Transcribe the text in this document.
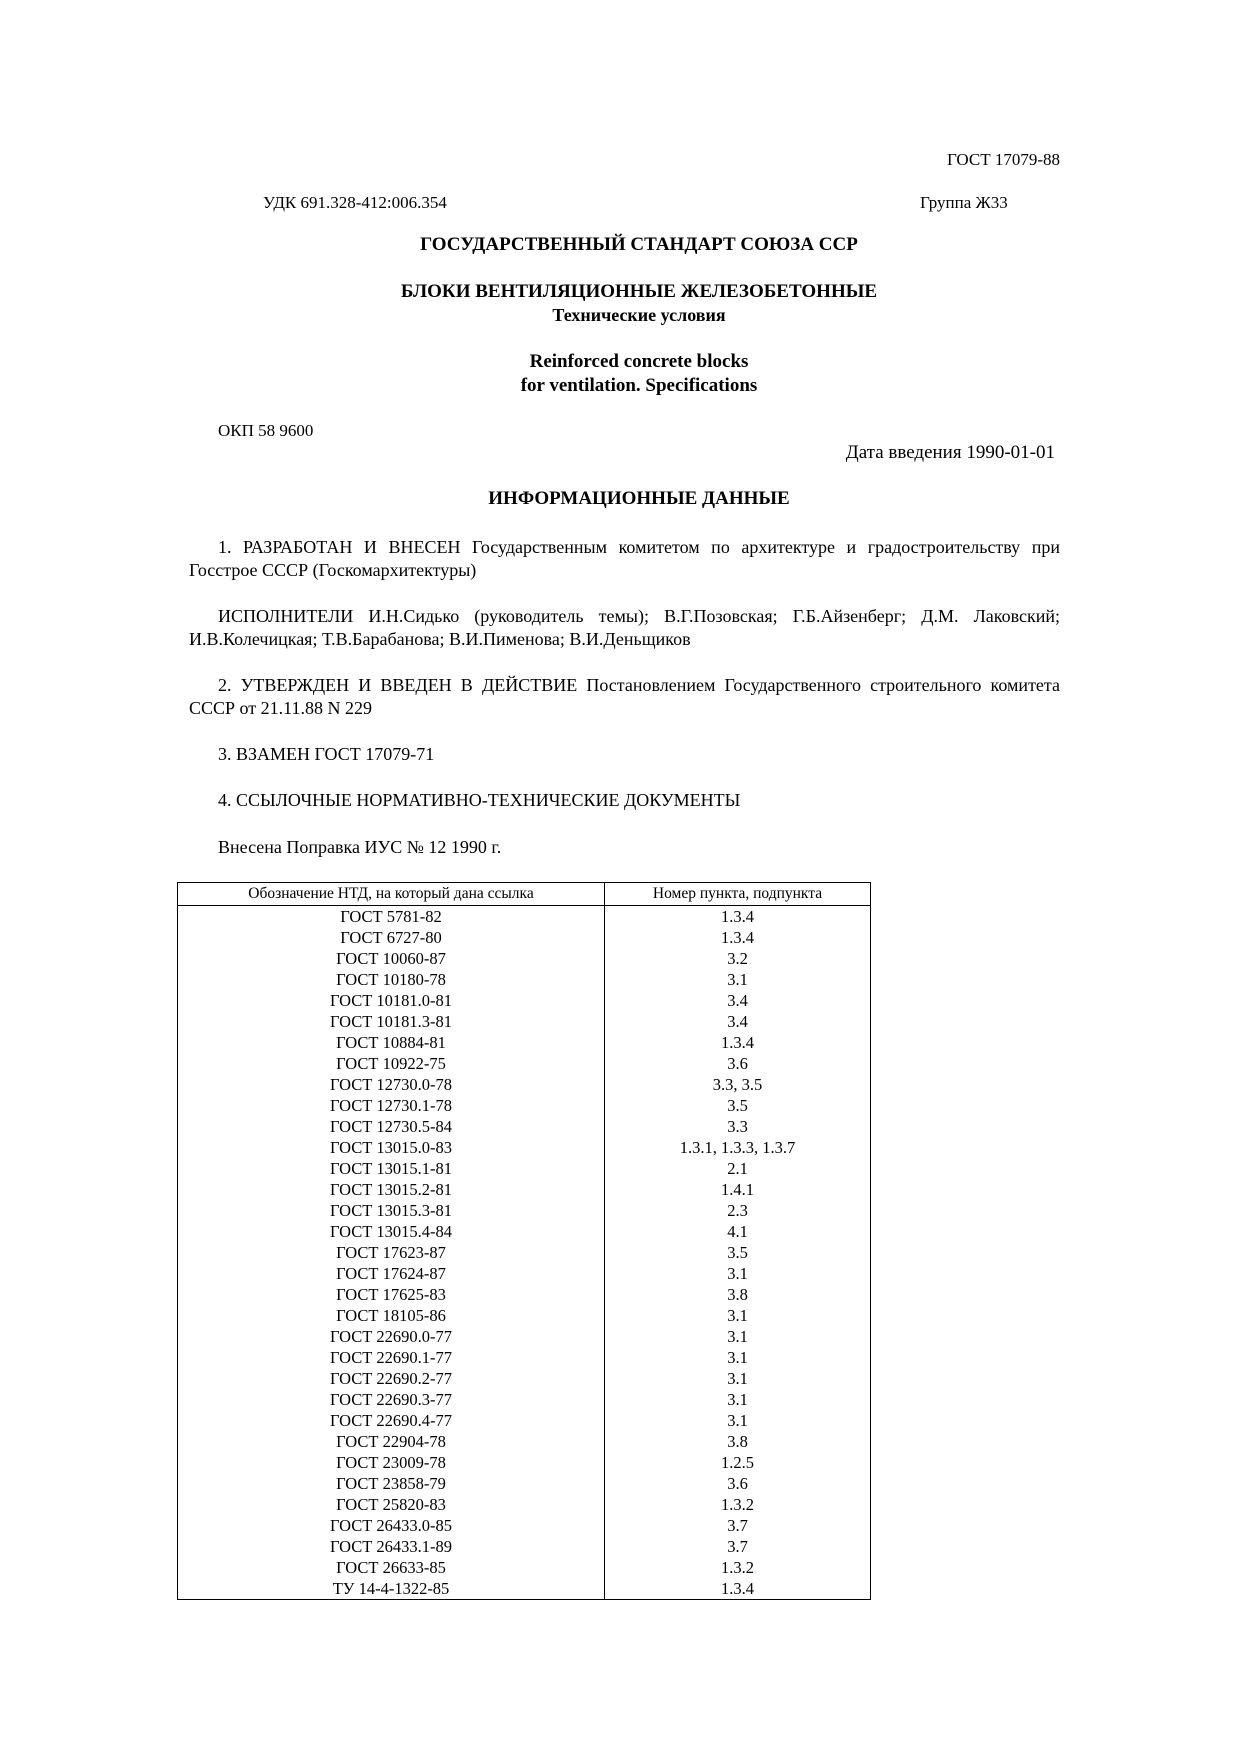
ГОСТ 17079-88
УДК 691.328-412:006.354	Группа Ж33
ГОСУДАРСТВЕННЫЙ СТАНДАРТ СОЮЗА ССР
БЛОКИ ВЕНТИЛЯЦИОННЫЕ ЖЕЛЕЗОБЕТОННЫЕ
Технические условия
Reinforced concrete blocks
for ventilation. Specifications
ОКП 58 9600
Дата введения 1990-01-01
ИНФОРМАЦИОННЫЕ ДАННЫЕ
1. РАЗРАБОТАН И ВНЕСЕН Государственным комитетом по архитектуре и градостроительству при Госстрое СССР (Госкомархитектуры)
ИСПОЛНИТЕЛИ И.Н.Сидько (руководитель темы); В.Г.Позовская; Г.Б.Айзенберг; Д.М. Лаковский; И.В.Колечицкая; Т.В.Барабанова; В.И.Пименова; В.И.Деньщиков
2. УТВЕРЖДЕН И ВВЕДЕН В ДЕЙСТВИЕ Постановлением Государственного строительного комитета СССР от 21.11.88 N 229
3. ВЗАМЕН ГОСТ 17079-71
4. ССЫЛОЧНЫЕ НОРМАТИВНО-ТЕХНИЧЕСКИЕ ДОКУМЕНТЫ
Внесена Поправка ИУС № 12 1990 г.
Обозначение НТД, на который дана ссылка	Номер пункта, подпункта
ГОСТ 5781-82	1.3.4
ГОСТ 6727-80	1.3.4
ГОСТ 10060-87	3.2
ГОСТ 10180-78	3.1
ГОСТ 10181.0-81	3.4
ГОСТ 10181.3-81	3.4
ГОСТ 10884-81	1.3.4
ГОСТ 10922-75	3.6
ГОСТ 12730.0-78	3.3, 3.5
ГОСТ 12730.1-78	3.5
ГОСТ 12730.5-84	3.3
ГОСТ 13015.0-83	1.3.1, 1.3.3, 1.3.7
ГОСТ 13015.1-81	2.1
ГОСТ 13015.2-81	1.4.1
ГОСТ 13015.3-81	2.3
ГОСТ 13015.4-84	4.1
ГОСТ 17623-87	3.5
ГОСТ 17624-87	3.1
ГОСТ 17625-83	3.8
ГОСТ 18105-86	3.1
ГОСТ 22690.0-77	3.1
ГОСТ 22690.1-77	3.1
ГОСТ 22690.2-77	3.1
ГОСТ 22690.3-77	3.1
ГОСТ 22690.4-77	3.1
ГОСТ 22904-78	3.8
ГОСТ 23009-78	1.2.5
ГОСТ 23858-79	3.6
ГОСТ 25820-83	1.3.2
ГОСТ 26433.0-85	3.7
ГОСТ 26433.1-89	3.7
ГОСТ 26633-85	1.3.2
ТУ 14-4-1322-85	1.3.4
